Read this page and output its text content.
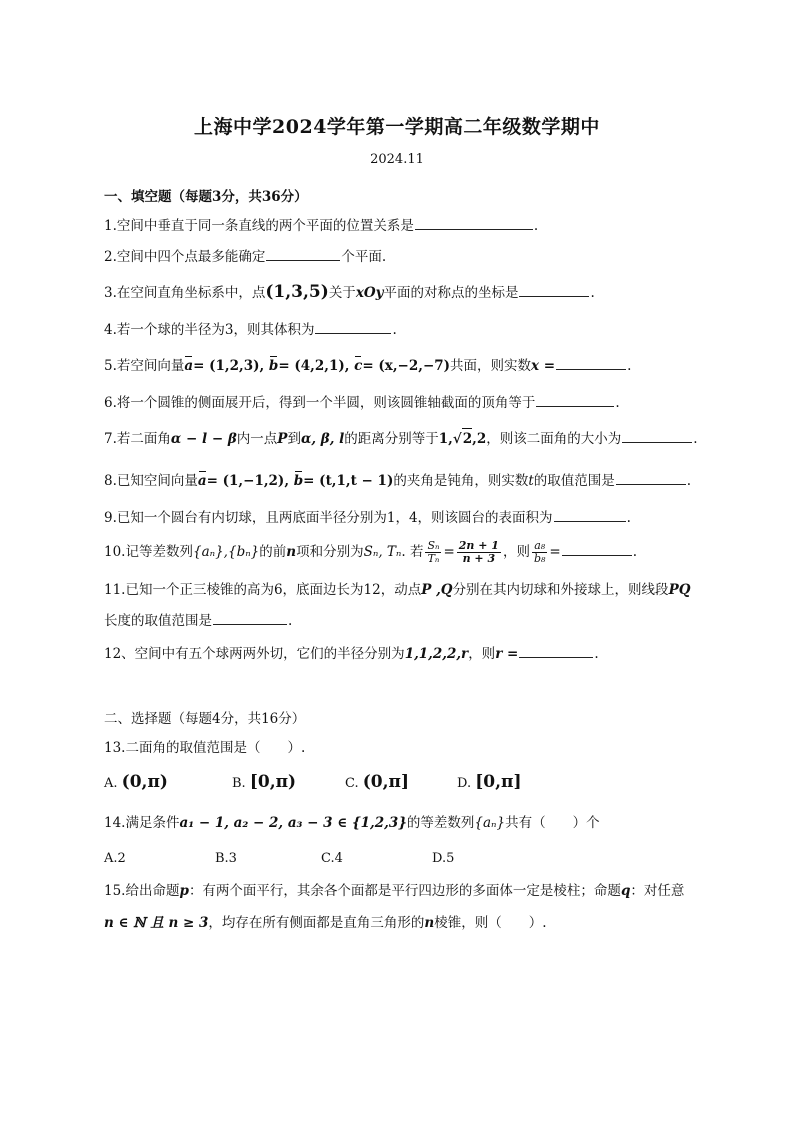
上海中学2024学年第一学期高二年级数学期中
2024.11
一、填空题（每题3分，共36分）
1.空间中垂直于同一条直线的两个平面的位置关系是	.
2.空间中四个点最多能确定	个平面.
3.在空间直角坐标系中，点(1,3,5)关于xOy平面的对称点的坐标是	.
4.若一个球的半径为3，则其体积为	.
5.若空间向量a= (1,2,3), b= (4,2,1), c= (x,−2,−7)共面，则实数x =	.
6.将一个圆锥的侧面展开后，得到一个半圆，则该圆锥轴截面的顶角等于	.
7.若二面角α − l − β内一点P到α, β, l的距离分别等于1,√2,2，则该二面角的大小为	.
8.已知空间向量a= (1,−1,2), b= (t,1,t − 1)的夹角是钝角，则实数t的取值范围是	.
9.已知一个圆台有内切球，且两底面半径分别为1，4，则该圆台的表面积为	.
10.记等差数列{aₙ},{bₙ}的前n项和分别为Sₙ, Tₙ. 若 $\frac{\text{Sₙ}}{\text{Tₙ}} = \frac{2n + 1}{n + 3}$ ，则 $\frac{\text{a₈}}{\text{b₈}}$ =	.
11.已知一个正三棱锥的高为6，底面边长为12，动点P ,Q分别在其内切球和外接球上，则线段PQ
长度的取值范围是	.
12、空间中有五个球两两外切，它们的半径分别为1,1,2,2,r，则r =	.
二、选择题（每题4分，共16分）
13.二面角的取值范围是（　　）.
A. (0,π)	B. [0,π)	C. (0,π]	D. [0,π]
14.满足条件a₁ − 1, a₂ − 2, a₃ − 3 ∈ {1,2,3}的等差数列{aₙ}共有（　　）个
A.2	B.3	C.4	D.5
15.给出命题p：有两个面平行，其余各个面都是平行四边形的多面体一定是棱柱；命题q：对任意
n ∈ ℕ 且 n ≥ 3，均存在所有侧面都是直角三角形的n棱锥，则（　　）.
